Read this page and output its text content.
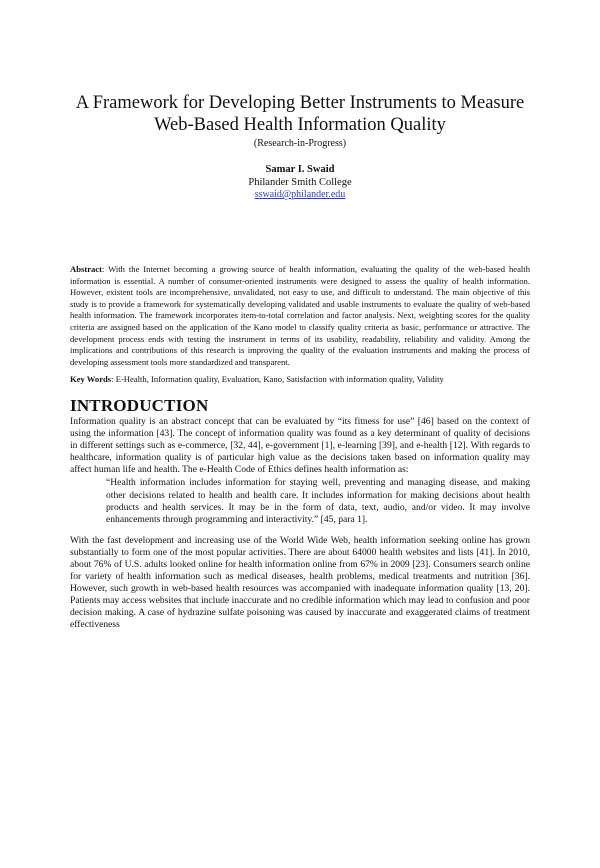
A Framework for Developing Better Instruments to Measure
Web-Based Health Information Quality
(Research-in-Progress)
Samar I. Swaid
Philander Smith College
sswaid@philander.edu
Abstract: With the Internet becoming a growing source of health information, evaluating the quality of the web-based health information is essential. A number of consumer-oriented instruments were designed to assess the quality of health information. However, existent tools are incomprehensive, unvalidated, not easy to use, and difficult to understand. The main objective of this study is to provide a framework for systematically developing validated and usable instruments to evaluate the quality of web-based health information. The framework incorporates item-to-total correlation and factor analysis. Next, weighting scores for the quality criteria are assigned based on the application of the Kano model to classify quality criteria as basic, performance or attractive. The development process ends with testing the instrument in terms of its usability, readability, reliability and validity. Among the implications and contributions of this research is improving the quality of the evaluation instruments and making the process of developing assessment tools more standardized and transparent.
Key Words: E-Health, Information quality, Evaluation, Kano, Satisfaction with information quality, Validity
INTRODUCTION

Information quality is an abstract concept that can be evaluated by “its fitness for use” [46] based on the context of using the information [43]. The concept of information quality was found as a key determinant of quality of decisions in different settings such as e-commerce, [32, 44], e-government [1], e-learning [39], and e-health [12]. With regards to healthcare, information quality is of particular high value as the decisions taken based on information quality may affect human life and health. The e-Health Code of Ethics defines health information as:

“Health information includes information for staying well, preventing and managing disease, and making other decisions related to health and health care. It includes information for making decisions about health products and health services. It may be in the form of data, text, audio, and/or video. It may involve enhancements through programming and interactivity.” [45, para 1].

With the fast development and increasing use of the World Wide Web, health information seeking online has grown substantially to form one of the most popular activities. There are about 64000 health websites and lists [41]. In 2010, about 76% of U.S. adults looked online for health information online from 67% in 2009 [23]. Consumers search online for variety of health information such as medical diseases, health problems, medical treatments and nutrition [36]. However, such growth in web-based health resources was accompanied with inadequate information quality [13, 20]. Patients may access websites that include inaccurate and no credible information which may lead to confusion and poor decision making. A case of hydrazine sulfate poisoning was caused by inaccurate and exaggerated claims of treatment effectiveness
